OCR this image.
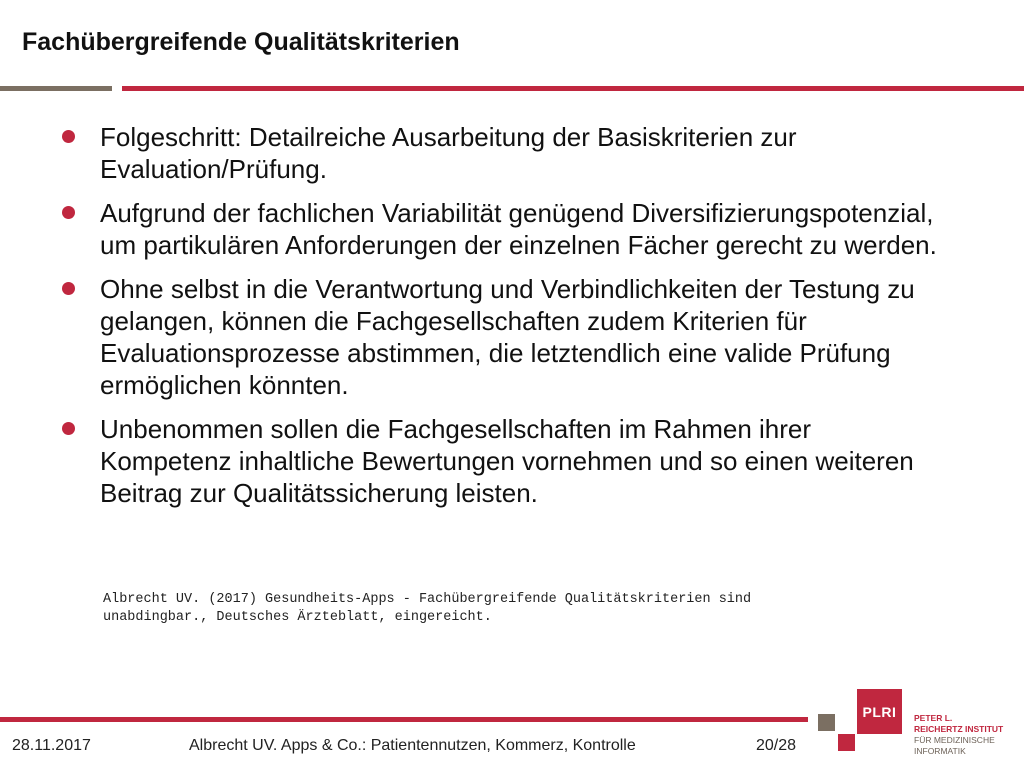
Fachübergreifende Qualitätskriterien
Folgeschritt: Detailreiche Ausarbeitung der Basiskriterien zur Evaluation/Prüfung.
Aufgrund der fachlichen Variabilität genügend Diversifizierungspotenzial, um partikulären Anforderungen der einzelnen Fächer gerecht zu werden.
Ohne selbst in die Verantwortung und Verbindlichkeiten der Testung zu gelangen, können die Fachgesellschaften zudem Kriterien für Evaluationsprozesse abstimmen, die letztendlich eine valide Prüfung ermöglichen könnten.
Unbenommen sollen die Fachgesellschaften im Rahmen ihrer Kompetenz inhaltliche Bewertungen vornehmen und so einen weiteren Beitrag zur Qualitätssicherung leisten.
Albrecht UV. (2017) Gesundheits-Apps - Fachübergreifende Qualitätskriterien sind
unabdingbar., Deutsches Ärzteblatt, eingereicht.
28.11.2017	Albrecht UV. Apps & Co.: Patientennutzen, Kommerz, Kontrolle	20/28
PLRI	PETER L.
REICHERTZ INSTITUT
FÜR MEDIZINISCHE
INFORMATIK
